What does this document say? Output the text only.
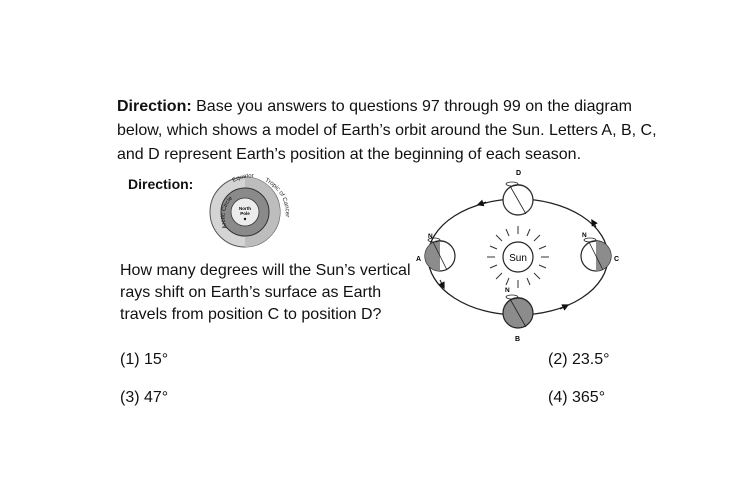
Direction: Base you answers to questions 97 through 99 on the diagram below, which shows a model of Earth’s orbit around the Sun. Letters A, B, C, and D represent Earth’s position at the beginning of each season.
Direction:	Equator
Tropic of Cancer
Arctic Circle
North
Pole
How many degrees will the Sun’s vertical rays shift on Earth’s surface as Earth travels from position C to position D?
(1) 15°	(2) 23.5°
(3) 47°	(4) 365°
Sun
N
A
N
B
N
C
D
